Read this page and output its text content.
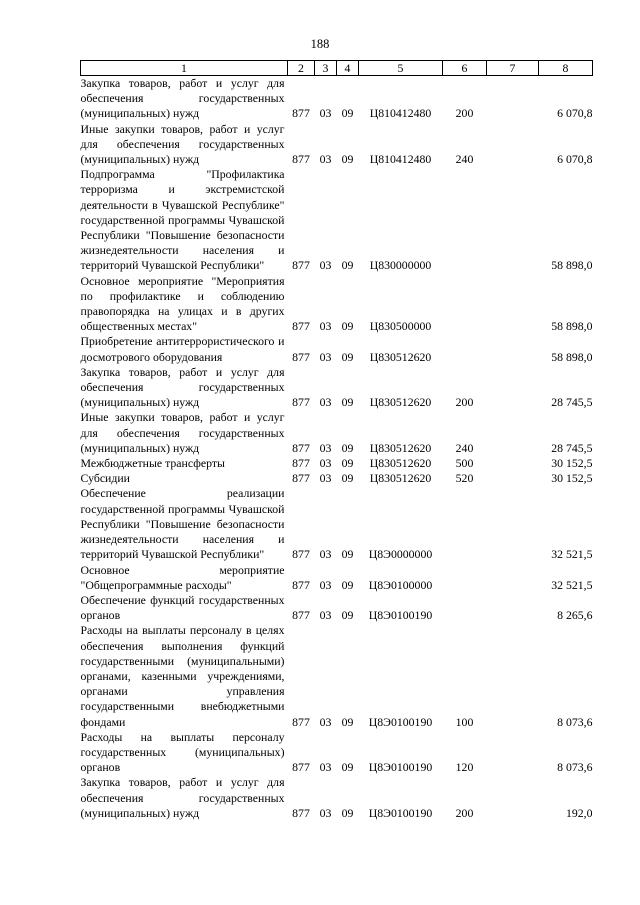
188
1	2	3	4	5	6	7	8
Закупка товаров, работ и услуг для обеспечения государственных (муниципальных) нужд	877	03	09	Ц810412480	200		6 070,8
Иные закупки товаров, работ и услуг для обеспечения государственных (муниципальных) нужд	877	03	09	Ц810412480	240		6 070,8
Подпрограмма "Профилактика терроризма и экстремистской деятельности в Чувашской Республике" государственной программы Чувашской Республики "Повышение безопасности жизнедеятельности населения и территорий Чувашской Республики"	877	03	09	Ц830000000			58 898,0
Основное мероприятие "Мероприятия по профилактике и соблюдению правопорядка на улицах и в других общественных местах"	877	03	09	Ц830500000			58 898,0
Приобретение антитеррористического и досмотрового оборудования	877	03	09	Ц830512620			58 898,0
Закупка товаров, работ и услуг для обеспечения государственных (муниципальных) нужд	877	03	09	Ц830512620	200		28 745,5
Иные закупки товаров, работ и услуг для обеспечения государственных (муниципальных) нужд	877	03	09	Ц830512620	240		28 745,5
Межбюджетные трансферты	877	03	09	Ц830512620	500		30 152,5
Субсидии	877	03	09	Ц830512620	520		30 152,5
Обеспечение реализации государственной программы Чувашской Республики "Повышение безопасности жизнедеятельности населения и территорий Чувашской Республики"	877	03	09	Ц8Э0000000			32 521,5
Основное мероприятие "Общепрограммные расходы"	877	03	09	Ц8Э0100000			32 521,5
Обеспечение функций государственных органов	877	03	09	Ц8Э0100190			8 265,6
Расходы на выплаты персоналу в целях обеспечения выполнения функций государственными (муниципальными) органами, казенными учреждениями, органами управления государственными внебюджетными фондами	877	03	09	Ц8Э0100190	100		8 073,6
Расходы на выплаты персоналу государственных (муниципальных) органов	877	03	09	Ц8Э0100190	120		8 073,6
Закупка товаров, работ и услуг для обеспечения государственных (муниципальных) нужд	877	03	09	Ц8Э0100190	200		192,0
